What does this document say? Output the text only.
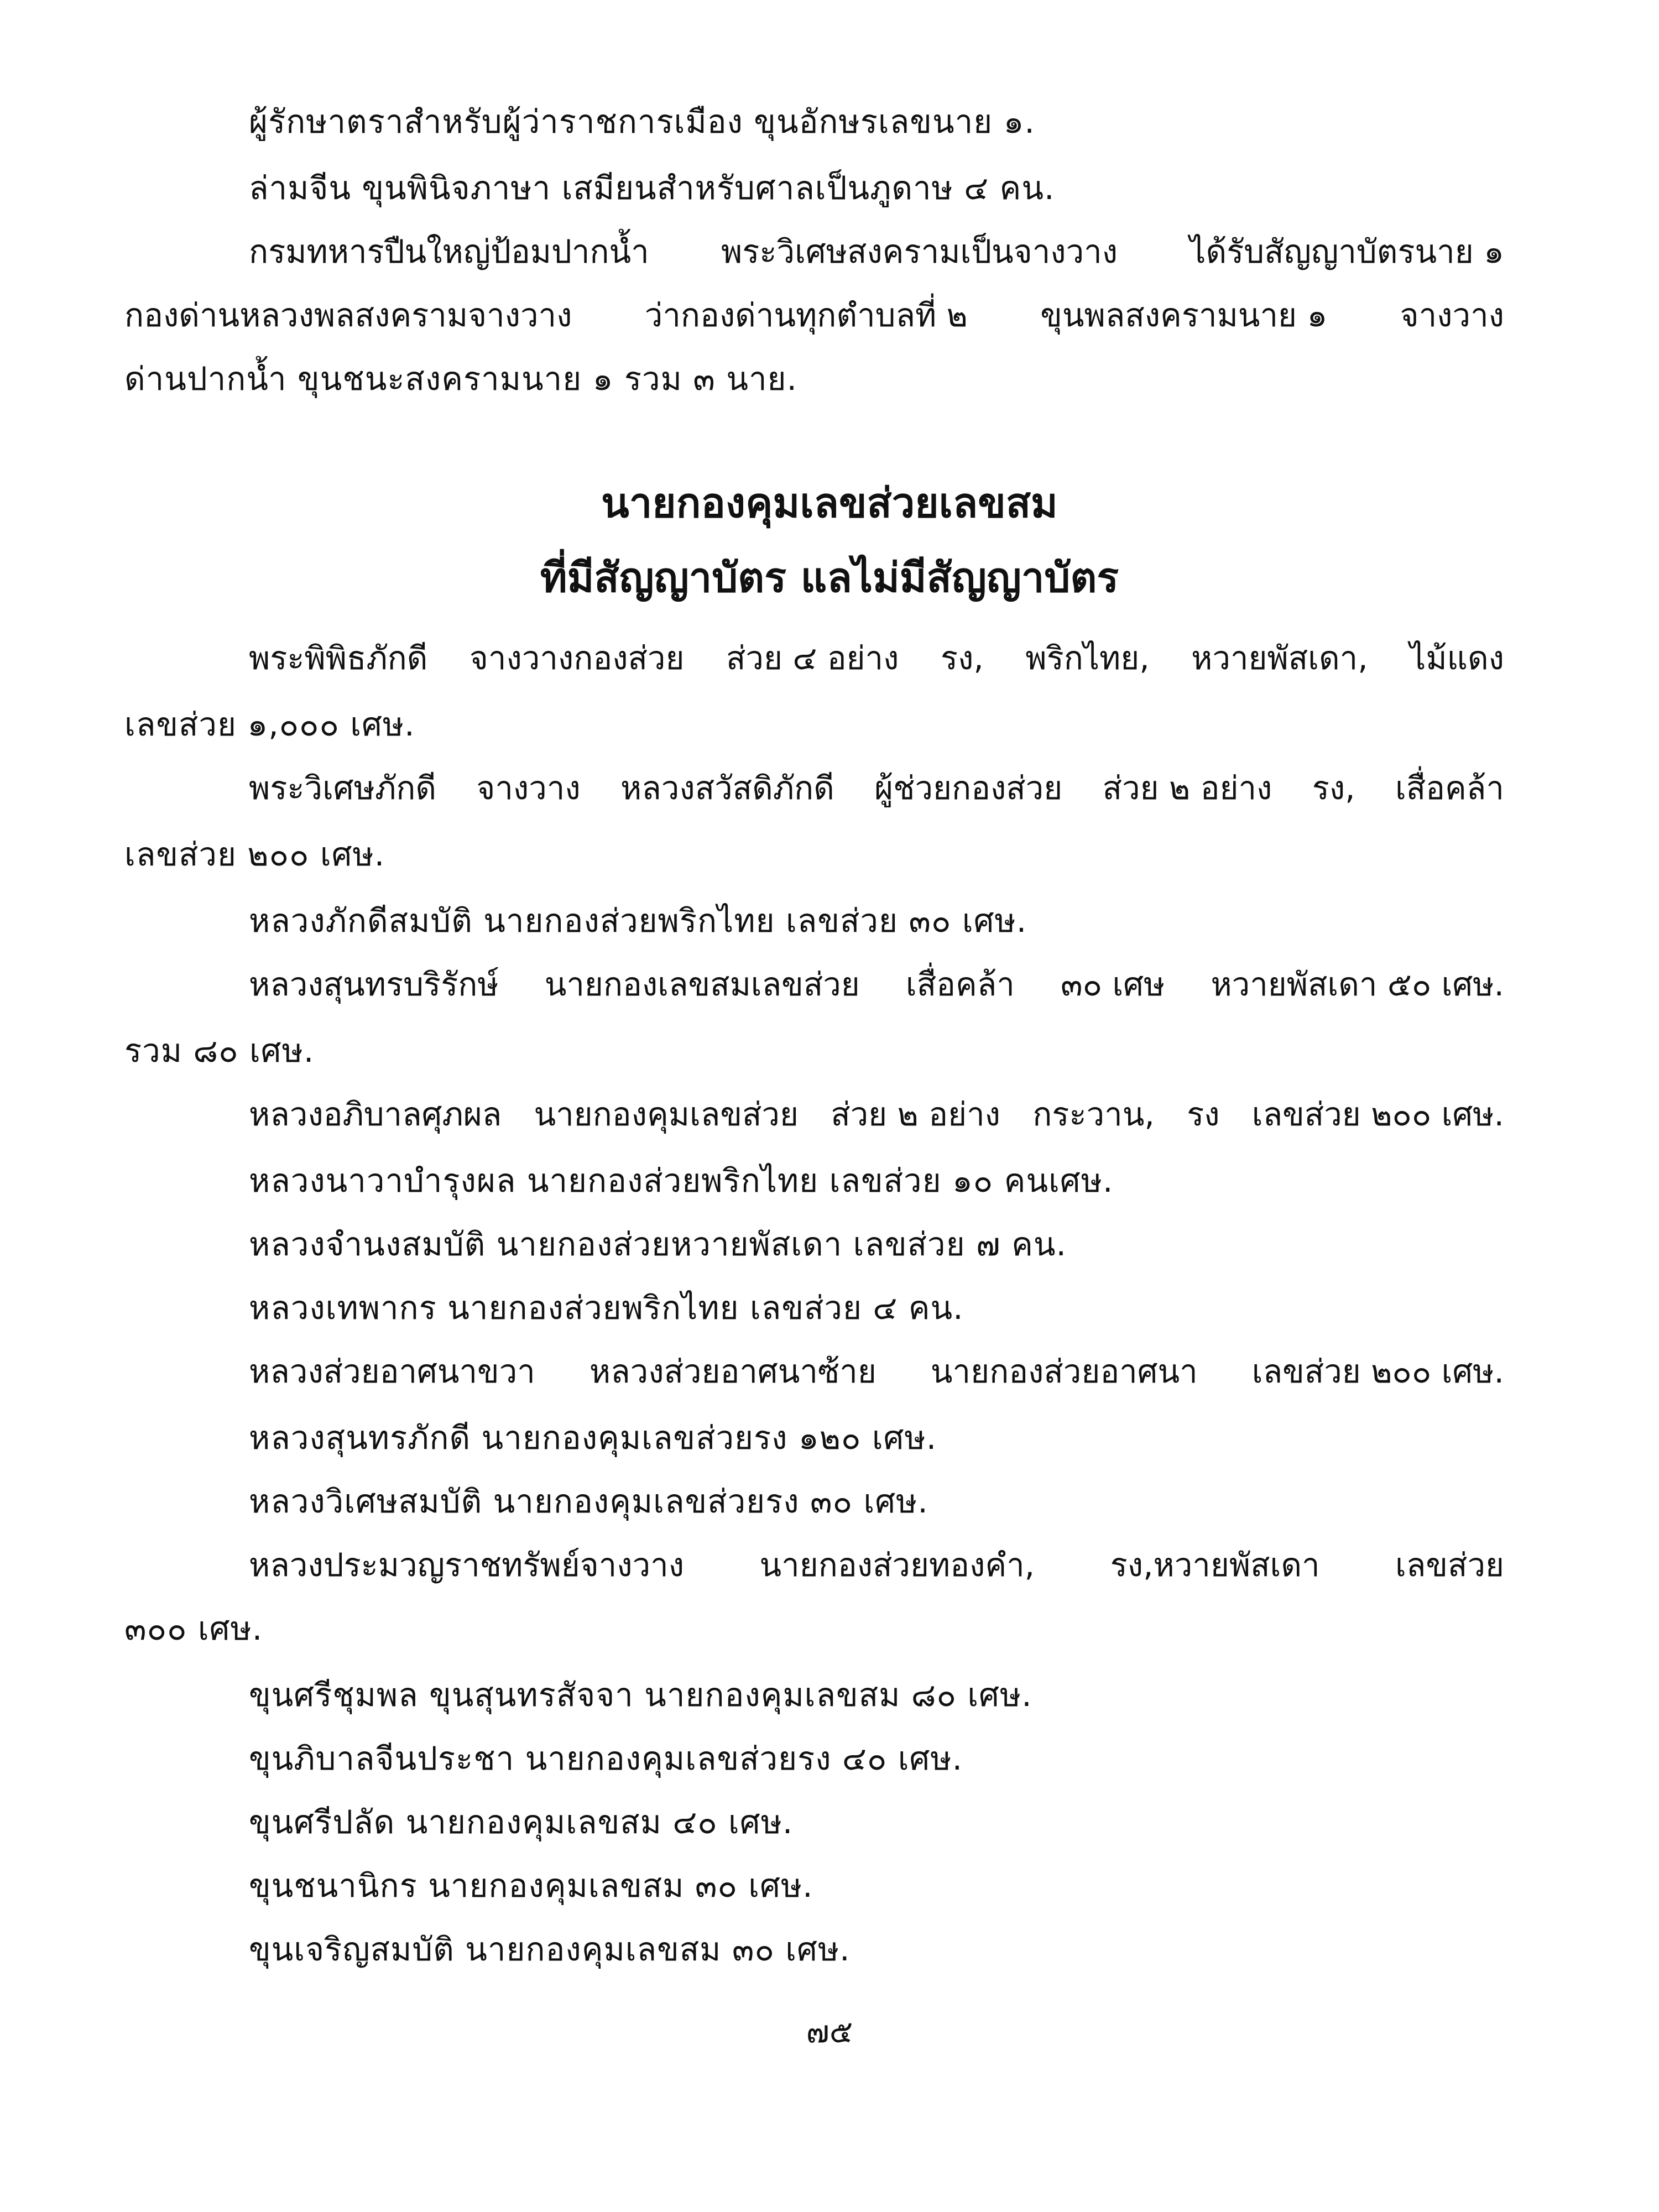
ผู้รักษาตราสำหรับผู้ว่าราชการเมือง ขุนอักษรเลขนาย ๑.
ล่ามจีน ขุนพินิจภาษา เสมียนสำหรับศาลเป็นภูดาษ ๔ คน.
กรมทหารปืนใหญ่ป้อมปากน้ำ พระวิเศษสงครามเป็นจางวาง ได้รับสัญญาบัตรนาย ๑
กองด่านหลวงพลสงครามจางวาง ว่ากองด่านทุกตำบลที่ ๒ ขุนพลสงครามนาย ๑ จางวาง
ด่านปากน้ำ ขุนชนะสงครามนาย ๑ รวม ๓ นาย.
นายกองคุมเลขส่วยเลขสม
ที่มีสัญญาบัตร แลไม่มีสัญญาบัตร
พระพิพิธภักดี จางวางกองส่วย ส่วย ๔ อย่าง รง, พริกไทย, หวายพัสเดา, ไม้แดง
เลขส่วย ๑,๐๐๐ เศษ.
พระวิเศษภักดี จางวาง หลวงสวัสดิภักดี ผู้ช่วยกองส่วย ส่วย ๒ อย่าง รง, เสื่อคล้า
เลขส่วย ๒๐๐ เศษ.
หลวงภักดีสมบัติ นายกองส่วยพริกไทย เลขส่วย ๓๐ เศษ.
หลวงสุนทรบริรักษ์ นายกองเลขสมเลขส่วย เสื่อคล้า ๓๐ เศษ หวายพัสเดา ๕๐ เศษ.
รวม ๘๐ เศษ.
หลวงอภิบาลศุภผล นายกองคุมเลขส่วย ส่วย ๒ อย่าง กระวาน, รง เลขส่วย ๒๐๐ เศษ.
หลวงนาวาบำรุงผล นายกองส่วยพริกไทย เลขส่วย ๑๐ คนเศษ.
หลวงจำนงสมบัติ นายกองส่วยหวายพัสเดา เลขส่วย ๗ คน.
หลวงเทพากร นายกองส่วยพริกไทย เลขส่วย ๔ คน.
หลวงส่วยอาศนาขวา หลวงส่วยอาศนาซ้าย นายกองส่วยอาศนา เลขส่วย ๒๐๐ เศษ.
หลวงสุนทรภักดี นายกองคุมเลขส่วยรง ๑๒๐ เศษ.
หลวงวิเศษสมบัติ นายกองคุมเลขส่วยรง ๓๐ เศษ.
หลวงประมวญราชทรัพย์จางวาง นายกองส่วยทองคำ, รง,หวายพัสเดา เลขส่วย
๓๐๐ เศษ.
ขุนศรีชุมพล ขุนสุนทรสัจจา นายกองคุมเลขสม ๘๐ เศษ.
ขุนภิบาลจีนประชา นายกองคุมเลขส่วยรง ๔๐ เศษ.
ขุนศรีปลัด นายกองคุมเลขสม ๔๐ เศษ.
ขุนชนานิกร นายกองคุมเลขสม ๓๐ เศษ.
ขุนเจริญสมบัติ นายกองคุมเลขสม ๓๐ เศษ.
๗๕
